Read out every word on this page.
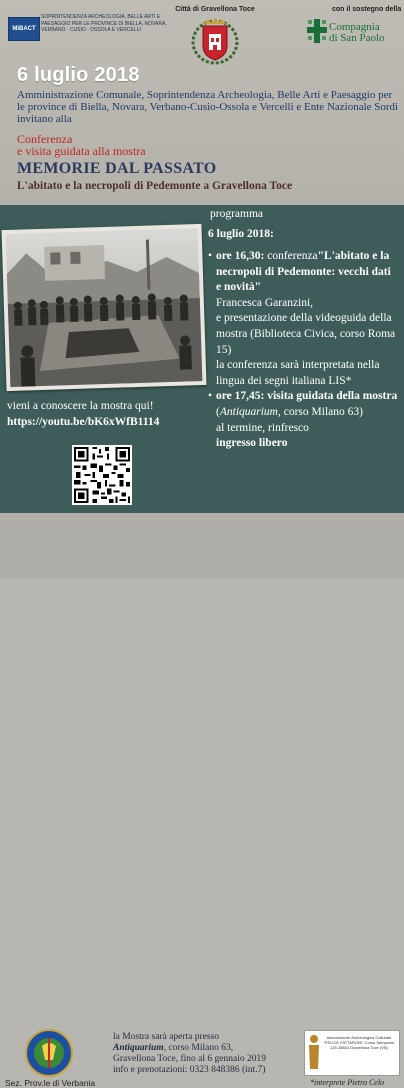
MiBACT
SOPRINTENDENZA ARCHEOLOGIA, BELLE ARTI E PAESAGGIO PER LE PROVINCE DI BIELLA, NOVARA, VERBANO - CUSIO - OSSOLA E VERCELLI
Città di Gravellona Toce	con il sostegno della
Compagnia
di San Paolo
6 luglio 2018
Amministrazione Comunale, Soprintendenza Archeologia, Belle Arti e Paesaggio per le province di Biella, Novara, Verbano-Cusio-Ossola e Vercelli e Ente Nazionale Sordi invitano alla
Conferenza
e visita guidata alla mostra
MEMORIE DAL PASSATO
L'abitato e la necropoli di Pedemonte a Gravellona Toce
programma
6 luglio 2018:

• ore 16,30: conferenza"L'abitato e la necropoli di Pedemonte: vecchi dati e novità"

Francesca Garanzini,

e presentazione della videoguida della mostra (Biblioteca Civica, corso Roma 15)

la conferenza sarà interpretata nella lingua dei segni italiana LIS*

• ore 17,45: visita guidata della mostra (Antiquarium, corso Milano 63)

al termine, rinfresco

ingresso libero

vieni a conoscere la mostra qui!
https://youtu.be/bK6xWfB1114
Sez. Prov.le di Verbania

la Mostra sarà aperta presso

Antiquarium, corso Milano 63,

Gravellona Toce, fino al 6 gennaio 2019

info e prenotazioni: 0323 848386 (int.7)

Associazione Archeologica Culturale "FELICE FATTARONI" Corso Sempione 125 28883 Gravellona Toce (VB)
*interprete Pietro Celo
